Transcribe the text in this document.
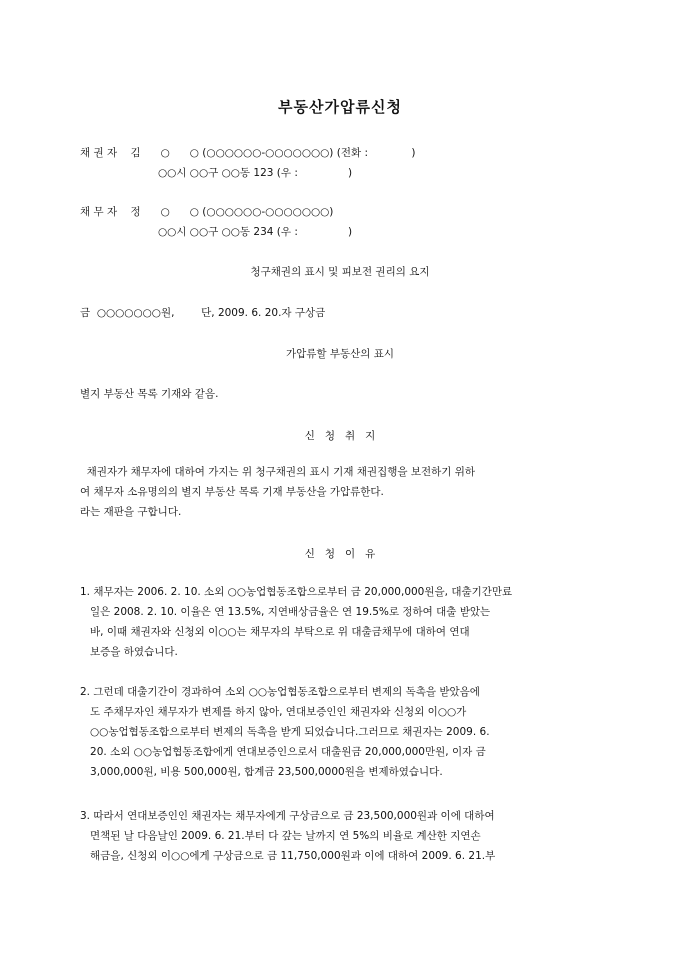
부동산가압류신청
채 권 자    김      ○      ○ (○○○○○○-○○○○○○○) (전화 :             )
○○시 ○○구 ○○동 123 (우 :               )
채 무 자    정      ○      ○ (○○○○○○-○○○○○○○)
○○시 ○○구 ○○동 234 (우 :               )
청구채권의 표시 및 피보전 권리의 요지
금  ○○○○○○○원,        단, 2009. 6. 20.자 구상금
가압류할 부동산의 표시
별지 부동산 목록 기재와 같음.
신   청   취   지
채권자가 채무자에 대하여 가지는 위 청구채권의 표시 기재 채권집행을 보전하기 위하
여 채무자 소유명의의 별지 부동산 목록 기재 부동산을 가압류한다.
라는 재판을 구합니다.
신   청   이   유
1. 채무자는 2006. 2. 10. 소외 ○○농업협동조합으로부터 금 20,000,000원을, 대출기간만료
일은 2008. 2. 10. 이율은 연 13.5%, 지연배상금율은 연 19.5%로 정하여 대출 받았는
바, 이때 채권자와 신청외 이○○는 채무자의 부탁으로 위 대출금채무에 대하여 연대
보증을 하였습니다.
2. 그런데 대출기간이 경과하여 소외 ○○농업협동조합으로부터 변제의 독촉을 받았음에
도 주채무자인 채무자가 변제를 하지 않아, 연대보증인인 채권자와 신청외 이○○가
○○농업협동조합으로부터 변제의 독촉을 받게 되었습니다.그러므로 채권자는 2009. 6.
20. 소외 ○○농업협동조합에게 연대보증인으로서 대출원금 20,000,000만원, 이자 금
3,000,000원, 비용 500,000원, 합계금 23,500,0000원을 변제하였습니다.
3. 따라서 연대보증인인 채권자는 채무자에게 구상금으로 금 23,500,000원과 이에 대하여
면책된 날 다음날인 2009. 6. 21.부터 다 갚는 날까지 연 5%의 비율로 계산한 지연손
해금을, 신청외 이○○에게 구상금으로 금 11,750,000원과 이에 대하여 2009. 6. 21.부
